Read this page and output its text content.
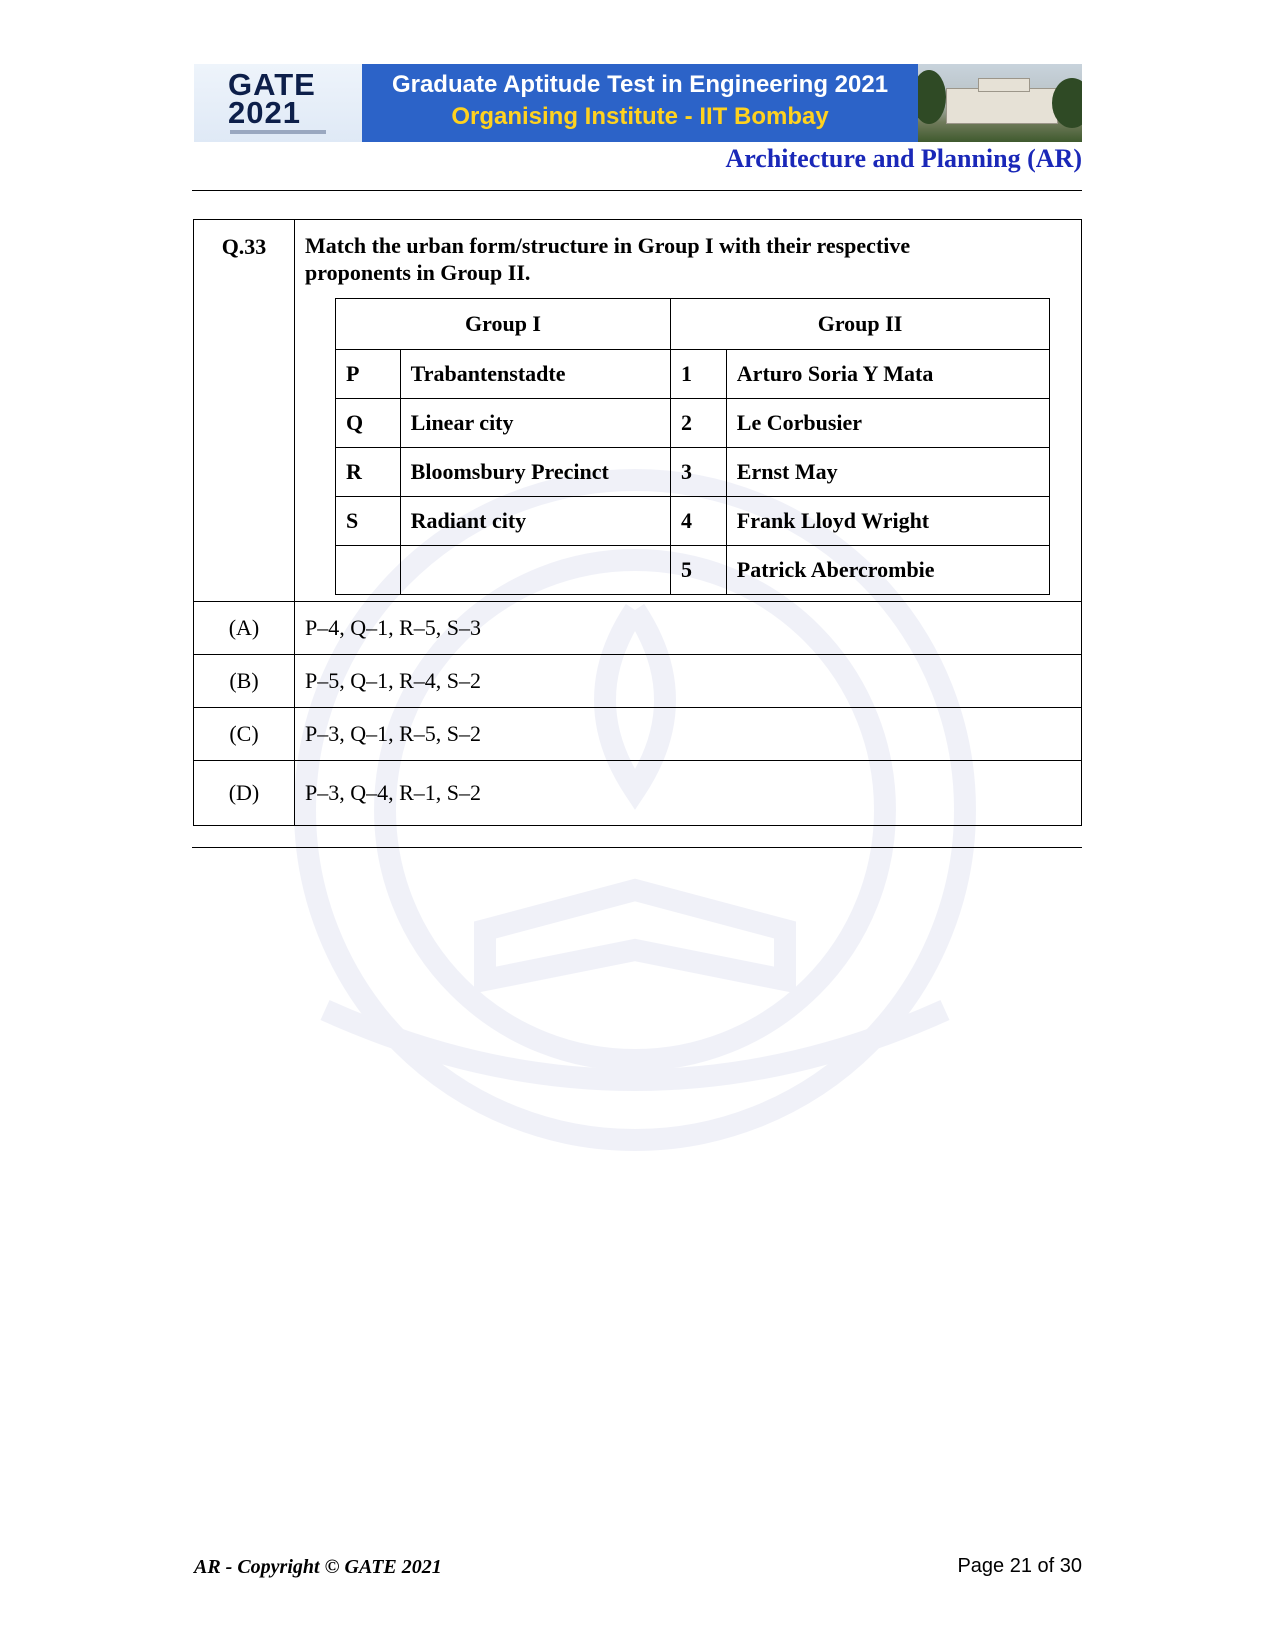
GATE
2021
Graduate Aptitude Test in Engineering 2021
Organising Institute - IIT Bombay
Architecture and Planning (AR)
Q.33	Match the urban form/structure in Group I with their respective proponents in Group II.
Group I	Group II
P	Trabantenstadte	1	Arturo Soria Y Mata
Q	Linear city	2	Le Corbusier
R	Bloomsbury Precinct	3	Ernst May
S	Radiant city	4	Frank Lloyd Wright
		5	Patrick Abercrombie

(A)	P–4, Q–1, R–5, S–3
(B)	P–5, Q–1, R–4, S–2
(C)	P–3, Q–1, R–5, S–2
(D)	P–3, Q–4, R–1, S–2
AR - Copyright © GATE 2021	Page 21 of 30
